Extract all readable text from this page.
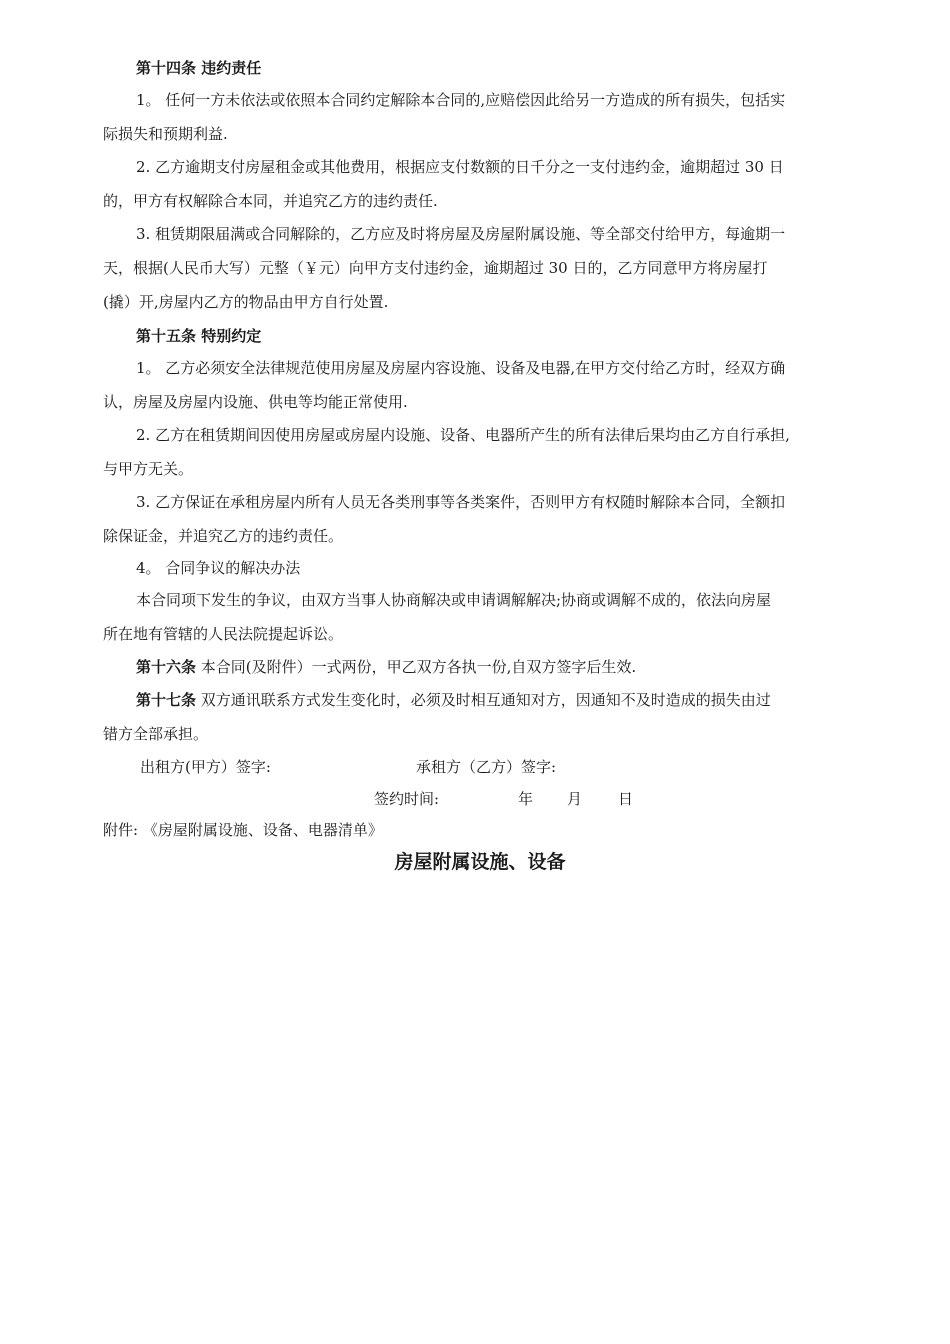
第十四条 违约责任
1。 任何一方未依法或依照本合同约定解除本合同的,应赔偿因此给另一方造成的所有损失，包括实
际损失和预期利益.
2. 乙方逾期支付房屋租金或其他费用，根据应支付数额的日千分之一支付违约金，逾期超过 30 日
的，甲方有权解除合本同，并追究乙方的违约责任.
3. 租赁期限届满或合同解除的，乙方应及时将房屋及房屋附属设施、等全部交付给甲方，每逾期一
天，根据(人民币大写）元整（￥元）向甲方支付违约金，逾期超过 30 日的，乙方同意甲方将房屋打
(撬）开,房屋内乙方的物品由甲方自行处置.
第十五条 特别约定
1。 乙方必须安全法律规范使用房屋及房屋内容设施、设备及电器,在甲方交付给乙方时，经双方确
认，房屋及房屋内设施、供电等均能正常使用.
2. 乙方在租赁期间因使用房屋或房屋内设施、设备、电器所产生的所有法律后果均由乙方自行承担,
与甲方无关。
3. 乙方保证在承租房屋内所有人员无各类刑事等各类案件，否则甲方有权随时解除本合同，全额扣
除保证金，并追究乙方的违约责任。
4。 合同争议的解决办法
本合同项下发生的争议，由双方当事人协商解决或申请调解解决;协商或调解不成的，依法向房屋
所在地有管辖的人民法院提起诉讼。
第十六条 本合同(及附件）一式两份，甲乙双方各执一份,自双方签字后生效.
第十七条 双方通讯联系方式发生变化时，必须及时相互通知对方，因通知不及时造成的损失由过
错方全部承担。
出租方(甲方）签字:	承租方（乙方）签字:
签约时间:	年 月 日
附件: 《房屋附属设施、设备、电器清单》
房屋附属设施、设备
